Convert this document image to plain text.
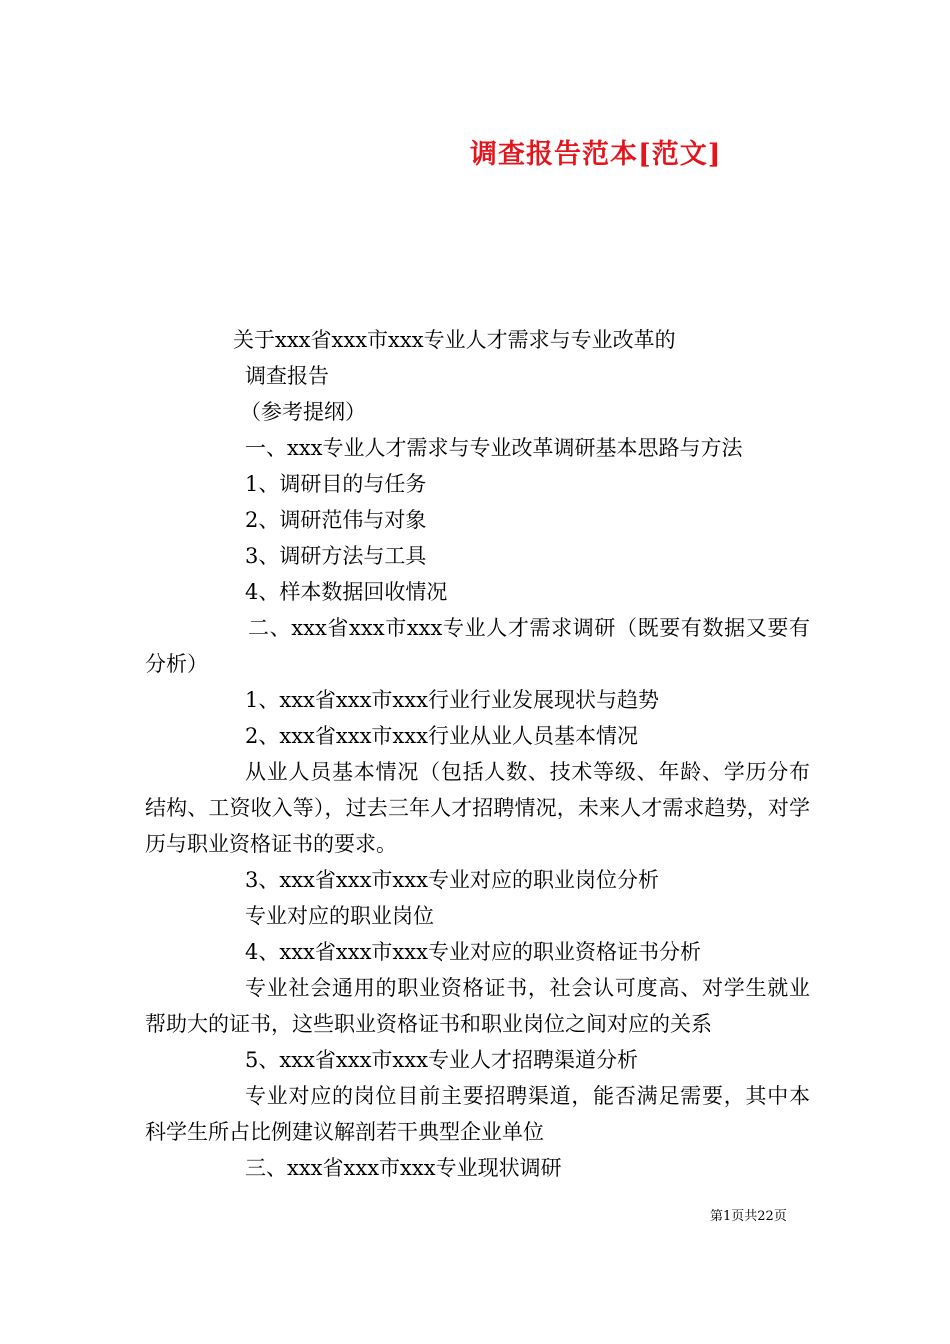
调查报告范本[范文]
关于xxx省xxx市xxx专业人才需求与专业改革的
调查报告
（参考提纲）
一、xxx专业人才需求与专业改革调研基本思路与方法
1、调研目的与任务
2、调研范伟与对象
3、调研方法与工具
4、样本数据回收情况
二、xxx省xxx市xxx专业人才需求调研（既要有数据又要有分析）
1、xxx省xxx市xxx行业行业发展现状与趋势
2、xxx省xxx市xxx行业从业人员基本情况
从业人员基本情况（包括人数、技术等级、年龄、学历分布结构、工资收入等），过去三年人才招聘情况，未来人才需求趋势，对学历与职业资格证书的要求。
3、xxx省xxx市xxx专业对应的职业岗位分析
专业对应的职业岗位
4、xxx省xxx市xxx专业对应的职业资格证书分析
专业社会通用的职业资格证书，社会认可度高、对学生就业帮助大的证书，这些职业资格证书和职业岗位之间对应的关系
5、xxx省xxx市xxx专业人才招聘渠道分析
专业对应的岗位目前主要招聘渠道，能否满足需要，其中本科学生所占比例建议解剖若干典型企业单位
三、xxx省xxx市xxx专业现状调研
第1页共22页
